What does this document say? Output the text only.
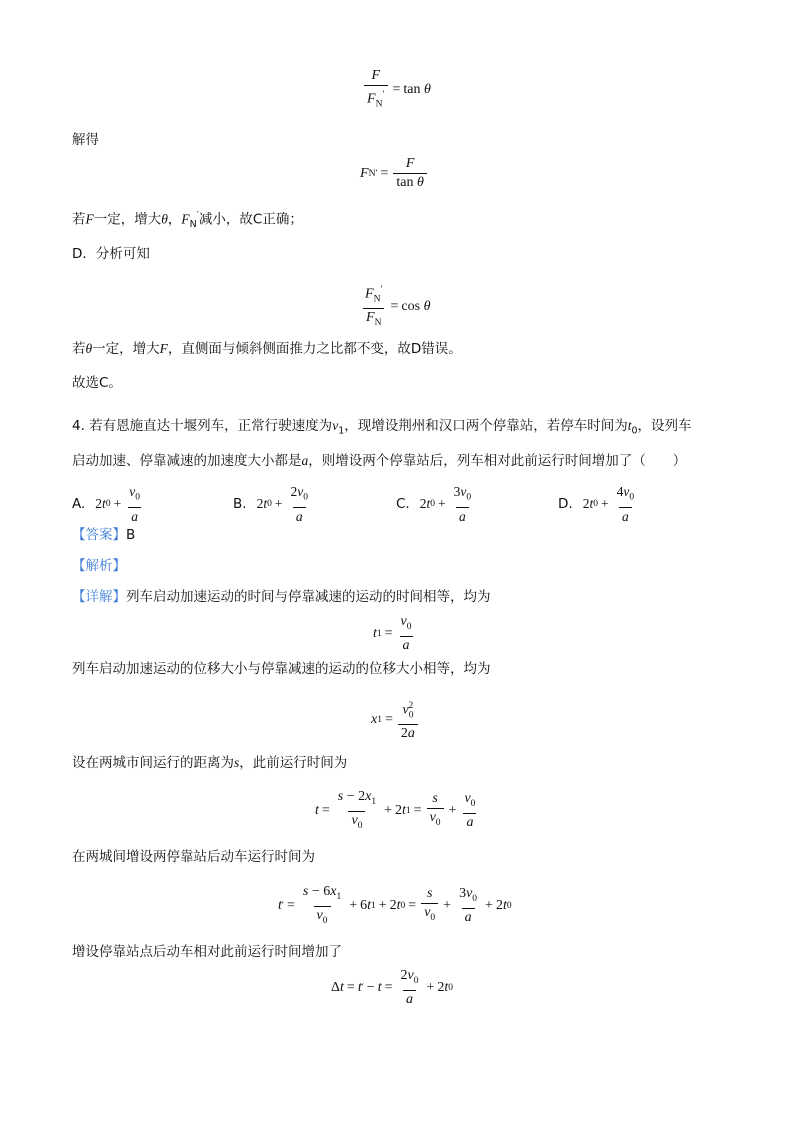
$\frac{F}{F_N'} = \tan$
θ
解得
F N ′ = $\frac{F}{\text{tan θ}}$
若F一定，增大θ，$F_N'$减小，故C正确；
D．分析可知
$\frac{F_N'}{F_N} = \cos$
θ
若θ一定，增大F，直侧面与倾斜侧面推力之比都不变，故D错误。
故选C。
4. 若有恩施直达十堰列车，正常行驶速度为$v_1$，现增设荆州和汉口两个停靠站，若停车时间为$t_0$，设列车
启动加速、停靠减速的加速度大小都是a，则增设两个停靠站后，列车相对此前运行时间增加了（　　）
A. 2 t $0 + \frac{v_0}{a}$	B. 2 t $0 + \frac{2v_0}{a}$	C. 2 t $0 + \frac{3v_0}{a}$	D. 2 t $0 + \frac{4v_0}{a}$
【答案】B
【解析】
【详解】列车启动加速运动的时间与停靠减速的运动的时间相等，均为
t $1 = \frac{v_0}{a}$
列车启动加速运动的位移大小与停靠减速的运动的位移大小相等，均为
x $1 = \frac{v_0^2}{2a}$
设在两城市间运行的距离为s，此前运行时间为
$t = \frac{s - 2x_1}{v_0} + 2$ t $1 = \frac{s}{v_0} + \frac{v_0}{a}$
在两城间增设两停靠站后动车运行时间为
t ′ = $\frac{s - 6x_1}{v_0} + 6$ t 1 + 2 t $0 = \frac{s}{v_0} + \frac{3v_0}{a} + 2$ t 0
增设停靠站点后动车相对此前运行时间增加了
Δ t = t ′ − $t = \frac{2v_0}{a} + 2$ t 0
